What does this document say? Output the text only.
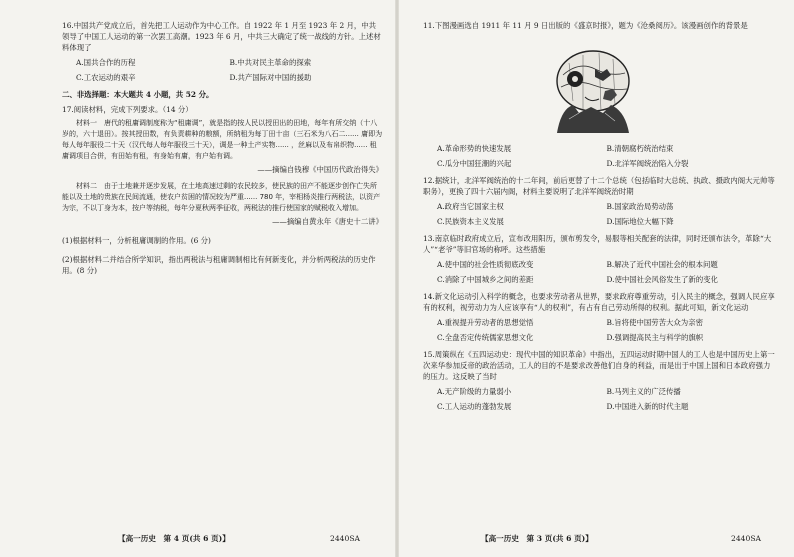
16.中国共产党成立后，首先把工人运动作为中心工作。自 1922 年 1 月至 1923 年 2 月，中共领导了中国工人运动的第一次罢工高潮。1923 年 6 月，中共三大确定了统一战线的方针。上述材料体现了

A.国共合作的历程	B.中共对民主革命的探索
C.工农运动的艰辛	D.共产国际对中国的援助

二、非选择题：本大题共 4 小题，共 52 分。

17.阅读材料，完成下列要求。（14 分）

材料一　唐代的租庸调制度称为“租庸调”，就是指的按人民以授田出的田地，每年有所交纳（十八岁的，六十退田）。按其授田数，有负责耕种的粮额，所纳租为每丁田十亩（三石米为八石二...... 庸即为每人每年服役二十天（汉代每人每年服役三十天），调是一种土产实物...... ，丝麻以及布帛织物...... 租庸调项目合併，有田始有租，有身始有庸，有户始有调。

——摘编自钱穆《中国历代政治得失》

材料二　由于土地兼并逐步发展，在土地高速过剩的农民较多，使民族的田产不能逐步创作亡失所能以及土地的贵族在民间流通，使农户贫困的情况较为严重...... 780 年，宰相杨炎推行两税法，以资产为宗，不以丁身为本，按户等纳税，每年分夏秋两季征收，两税法的推行使国家的赋税收入增加。

——摘编自黄永年《唐史十二讲》

(1)根据材料一，分析租庸调制的作用。(6 分)

(2)根据材料二并结合所学知识，指出两税法与租庸调制相比有何新变化，并分析两税法的历史作用。(8 分)

【高一历史　第 4 页(共 6 页)】	2440SA

11.下图漫画选自 1911 年 11 月 9 日出版的《盛京时报》，题为《沧桑阅历》。该漫画创作的背景是

A.革命形势的快速发展	B.清朝腐朽统治结束
C.瓜分中国狂潮的兴起	D.北洋军阀统治陷入分裂

12.据统计，北洋军阀统治的十二年间，前后更替了十二个总统（包括临时大总统、执政、摄政内阁大元帅等职务），更换了四十六届内阁，材料主要说明了北洋军阀统治时期

A.政府当它国家主权	B.国家政治局势动荡
C.民族资本主义发展	D.国际地位大幅下降

13.南京临时政府成立后，宣布改用阳历，颁布剪发令，易服等相关配套的法律，同时还颁布法令，革除“大人”“老爷”等旧官场的称呼。这些措施

A.使中国的社会性质彻底改变	B.解决了近代中国社会的根本问题
C.消除了中国城乡之间的差距	D.使中国社会风俗发生了新的变化

14.新文化运动引入科学的概念，也要求劳动者从世界，要求政府尊重劳动，引入民主的概念，强调人民应享有的权利，视劳动力为人应该享有“人的权利”，有占有自己劳动所得的权利。据此可知，新文化运动

A.重视提升劳动者的思想觉悟	B.旨将使中国劳苦大众为亲密
C.全盘否定传统儒家思想文化	D.强调提高民主与科学的旗帜

15.周策纵在《五四运动史：现代中国的知识革命》中指出，五四运动时期中国人的工人也是中国历史上第一次来华参加反帝的政治活动，工人的目的不是要求改善他们自身的利益，而是出于中国上国和日本政府强力的压力。这反映了当时

A.无产阶级的力量弱小	B.马列主义的广泛传播
C.工人运动的蓬勃发展	D.中国进入新的时代主题
【高一历史　第 3 页(共 6 页)】	2440SA
